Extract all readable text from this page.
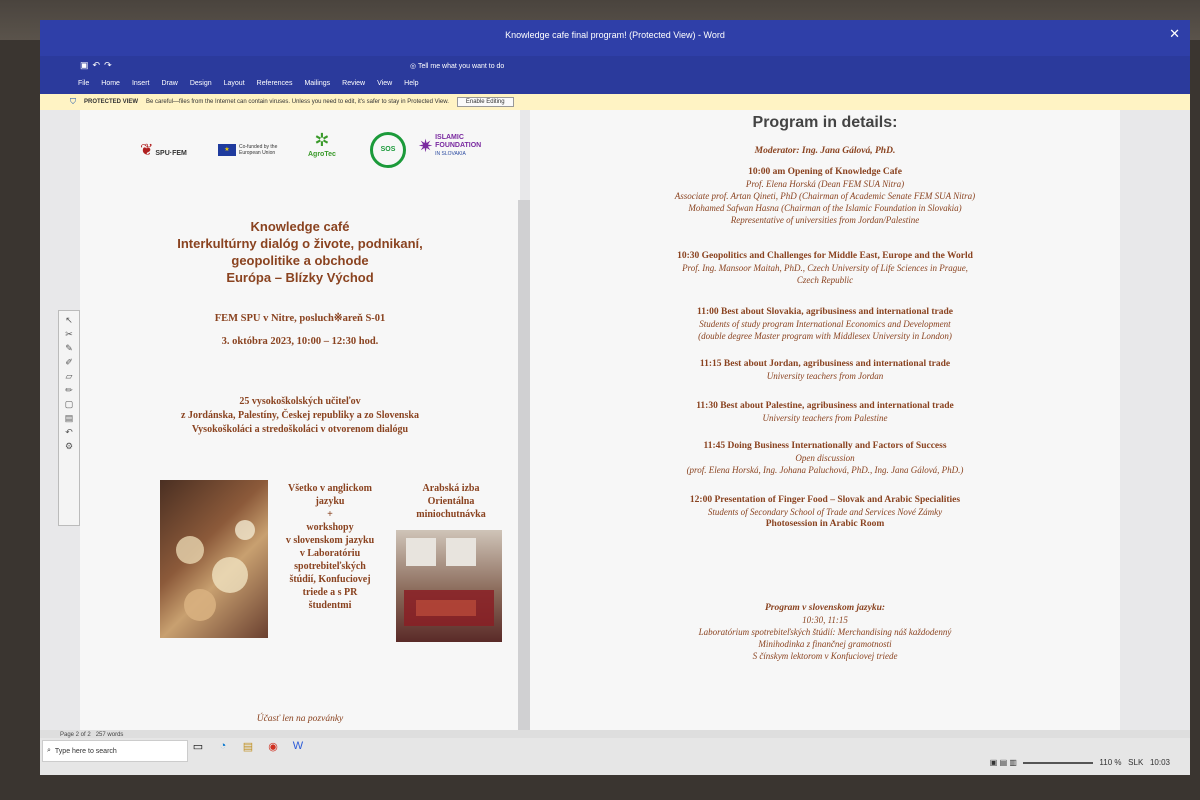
Knowledge cafe final program! (Protected View) - Word	✕
▣↶↷	◎ Tell me what you want to do
File Home Insert Draw Design Layout References Mailings Review View Help
⛉ PROTECTED VIEW Be careful—files from the Internet can contain viruses. Unless you need to edit, it's safer to stay in Protected View.	Enable Editing
❦ SPU·FEM	★	Co-funded by the European Union
✲
AgroTec
SOS	✷ ISLAMIC
FOUNDATION
IN SLOVAKIA
Knowledge café
Interkultúrny dialóg o živote, podnikaní,
geopolitike a obchode
Európa – Blízky Východ
FEM SPU v Nitre, posluch※areň S-01
3. októbra 2023, 10:00 – 12:30 hod.
25 vysokoškolských učiteľov
z Jordánska, Palestíny, Českej republiky a zo Slovenska
Vysokoškoláci a stredoškoláci v otvorenom dialógu
Všetko v anglickom
jazyku
+
workshopy
v slovenskom jazyku
v Laboratóriu
spotrebiteľských
štúdií, Konfuciovej
triede a s PR
študentmi
Arabská izba
Orientálna
miniochutnávka
Účasť len na pozvánky
Program in details:
Moderator: Ing. Jana Gálová, PhD.
10:00 am Opening of Knowledge Cafe
Prof. Elena Horská (Dean FEM SUA Nitra)
Associate prof. Artan Qineti, PhD (Chairman of Academic Senate FEM SUA Nitra)
Mohamed Safwan Hasna (Chairman of the Islamic Foundation in Slovakia)
Representative of universities from Jordan/Palestine
10:30 Geopolitics and Challenges for Middle East, Europe and the World
Prof. Ing. Mansoor Maitah, PhD., Czech University of Life Sciences in Prague,
Czech Republic
11:00 Best about Slovakia, agribusiness and international trade
Students of study program International Economics and Development
(double degree Master program with Middlesex University in London)
11:15 Best about Jordan, agribusiness and international trade
University teachers from Jordan
11:30 Best about Palestine, agribusiness and international trade
University teachers from Palestine
11:45 Doing Business Internationally and Factors of Success
Open discussion
(prof. Elena Horská, Ing. Johana Paluchová, PhD., Ing. Jana Gálová, PhD.)
12:00 Presentation of Finger Food – Slovak and Arabic Specialities
Students of Secondary School of Trade and Services Nové Zámky
Photosession in Arabic Room
Program v slovenskom jazyku:
10:30, 11:15
Laboratórium spotrebiteľských štúdií: Merchandising náš každodenný
Minihodinka z finančnej gramotnosti
S čínskym lektorom v Konfuciovej triede
Page 2 of 2 257 words
⌕ Type here to search	▭	◔	▤ ◉ W
▣ ▤ ▥	110 % SLK 10:03
↖
✂
✎
✐
▱
✏
▢
▤
↶
⚙
